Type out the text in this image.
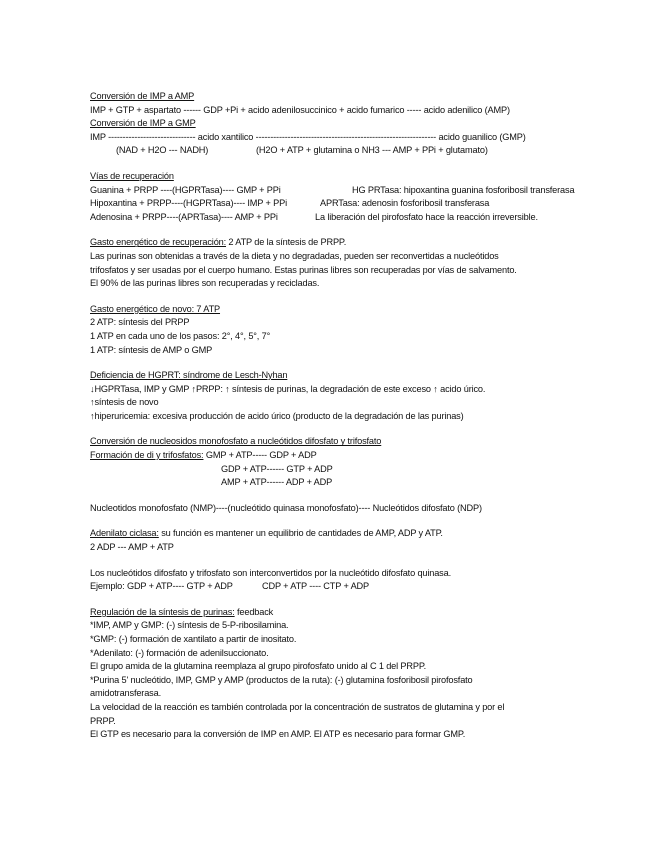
Conversión de IMP a AMP
IMP + GTP + aspartato ------ GDP +Pi + acido adenilosuccinico + acido fumarico ----- acido adenilico (AMP)
Conversión de IMP a GMP
IMP ------------------------------ acido xantilico -------------------------------------------------------------- acido guanilico (GMP)
(NAD + H2O --- NADH)	(H2O + ATP + glutamina o NH3 --- AMP + PPi + glutamato)
Vías de recuperación
Guanina + PRPP ----(HGPRTasa)---- GMP + PPi	HG PRTasa: hipoxantina guanina fosforibosil transferasa
Hipoxantina + PRPP----(HGPRTasa)---- IMP + PPi	APRTasa: adenosin fosforibosil transferasa
Adenosina + PRPP----(APRTasa)---- AMP + PPi	La liberación del pirofosfato hace la reacción irreversible.
Gasto energético de recuperación: 2 ATP de la síntesis de PRPP.
Las purinas son obtenidas a través de la dieta y no degradadas, pueden ser reconvertidas a nucleótidos
trifosfatos y ser usadas por el cuerpo humano. Estas purinas libres son recuperadas por vías de salvamento.
El 90% de las purinas libres son recuperadas y recicladas.
Gasto energético de novo: 7 ATP
2 ATP: síntesis del PRPP
1 ATP en cada uno de los pasos: 2°, 4°, 5°, 7°
1 ATP: síntesis de AMP o GMP
Deficiencia de HGPRT: síndrome de Lesch-Nyhan
↓HGPRTasa, IMP y GMP ↑PRPP: ↑ síntesis de purinas, la degradación de este exceso ↑ acido úrico.
↑síntesis de novo
↑hiperuricemia: excesiva producción de acido úrico (producto de la degradación de las purinas)
Conversión de nucleosidos monofosfato a nucleótidos difosfato y trifosfato
Formación de di y trifosfatos: GMP + ATP----- GDP + ADP
GDP + ATP------ GTP + ADP
AMP + ATP------ ADP + ADP
Nucleotidos monofosfato (NMP)----(nucleótido quinasa monofosfato)---- Nucleótidos difosfato (NDP)
Adenilato ciclasa: su función es mantener un equilibrio de cantidades de AMP, ADP y ATP.
2 ADP --- AMP + ATP
Los nucleótidos difosfato y trifosfato son interconvertidos por la nucleótido difosfato quinasa.
Ejemplo: GDP + ATP---- GTP + ADP	CDP + ATP ---- CTP + ADP
Regulación de la síntesis de purinas: feedback
*IMP, AMP y GMP: (-) síntesis de 5-P-ribosilamina.
*GMP: (-) formación de xantilato a partir de inositato.
*Adenilato: (-) formación de adenilsuccionato.
El grupo amida de la glutamina reemplaza al grupo pirofosfato unido al C 1 del PRPP.
*Purina 5' nucleótido, IMP, GMP y AMP (productos de la ruta): (-) glutamina fosforibosil pirofosfato
amidotransferasa.
La velocidad de la reacción es también controlada por la concentración de sustratos de glutamina y por el
PRPP.
El GTP es necesario para la conversión de IMP en AMP. El ATP es necesario para formar GMP.
